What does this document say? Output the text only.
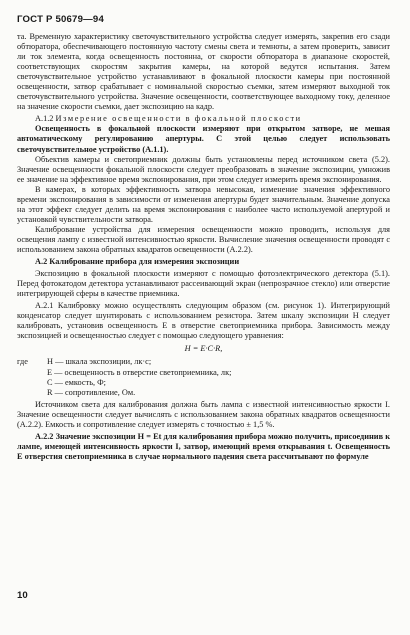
ГОСТ Р 50679—94

та. Временную характеристику светочувствительного устройства следует измерять, закрепив его сзади обтюратора, обеспечивающего постоянную частоту смены света и темноты, а затем проверить, зависит ли ток элемента, когда освещенность постоянна, от скорости обтюратора в диапазоне скоростей, соответствующих скоростям закрытия камеры, на которой ведутся испытания. Затем светочувствительное устройство устанавливают в фокальной плоскости камеры при постоянной освещенности, затвор срабатывает с номинальной скоростью съемки, затем измеряют выходной ток светочувствительного устройства. Значение освещенности, соответствующее выходному току, деленное на значение скорости съемки, дает экспозицию на кадр.

А.1.2 Измерение освещенности в фокальной плоскости

Освещенность в фокальной плоскости измеряют при открытом затворе, не мешая автоматическому регулированию апертуры. С этой целью следует использовать светочувствительное устройство (А.1.1).

Объектив камеры и светоприемник должны быть установлены перед источником света (5.2). Значение освещенности фокальной плоскости следует преобразовать в значение экспозиции, умножив ее значение на эффективное время экспонирования, при этом следует измерить время экспонирования.

В камерах, в которых эффективность затвора невысокая, изменение значения эффективного времени экспонирования в зависимости от изменения апертуры будет значительным. Значение допуска на этот эффект следует делить на время экспонирования с наиболее часто используемой апертурой и установкой чувствительности затвора.

Калибрование устройства для измерения освещенности можно проводить, используя для освещения лампу с известной интенсивностью яркости. Вычисление значения освещенности проводят с использованием закона обратных квадратов освещенности (А.2.2).

А.2 Калибрование прибора для измерения экспозиции

Экспозицию в фокальной плоскости измеряют с помощью фотоэлектрического детектора (5.1). Перед фотокатодом детектора устанавливают рассеивающий экран (непрозрачное стекло) или отверстие интегрирующей сферы в качестве приемника.

А.2.1 Калибровку можно осуществлять следующим образом (см. рисунок 1). Интегрирующий конденсатор следует шунтировать с использованием резистора. Затем шкалу экспозиции H следует калибровать, установив освещенность E в отверстие светоприемника прибора. Зависимость между экспозицией и освещенностью следует с помощью следующего уравнения:

H = E·C·R,

где	H — шкала экспозиции, лк·с;
E — освещенность в отверстие светоприемника, лк;
C — емкость, Ф;
R — сопротивление, Ом.

Источником света для калибрования должна быть лампа с известной интенсивностью яркости I. Значение освещенности следует вычислять с использованием закона обратных квадратов освещенности (А.2.2). Емкость и сопротивление следует измерять с точностью ± 1,5 %.

А.2.2 Значение экспозиции H = Et для калибрования прибора можно получить, присоединив к лампе, имеющей интенсивность яркости I, затвор, имеющий время открывания t. Освещенность E отверстия светоприемника в случае нормального падения света рассчитывают по формуле

10
